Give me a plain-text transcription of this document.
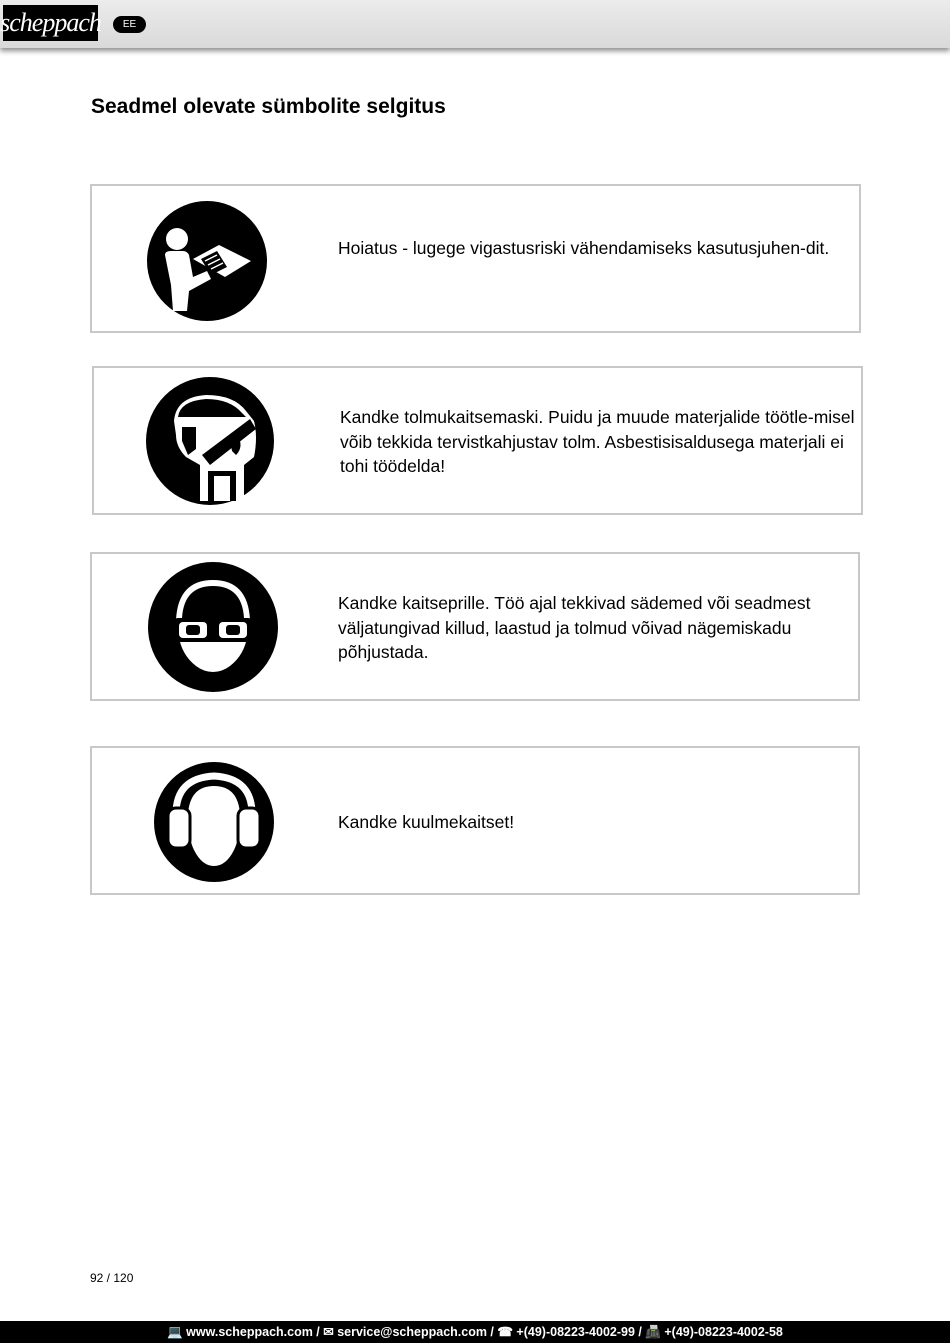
scheppach	EE
Seadmel olevate sümbolite selgitus

Hoiatus - lugege vigastusriski vähendamiseks kasutusjuhen-dit.

Kandke tolmukaitsemaski. Puidu ja muude materjalide töötle-misel võib tekkida tervistkahjustav tolm. Asbestisisaldusega materjali ei tohi töödelda!

Kandke kaitseprille. Töö ajal tekkivad sädemed või seadmest väljatungivad killud, laastud ja tolmud võivad nägemiskadu põhjustada.

Kandke kuulmekaitset!

92 / 120
💻 www.scheppach.com / ✉ service@scheppach.com / ☎ +(49)-08223-4002-99 / 📠 +(49)-08223-4002-58
